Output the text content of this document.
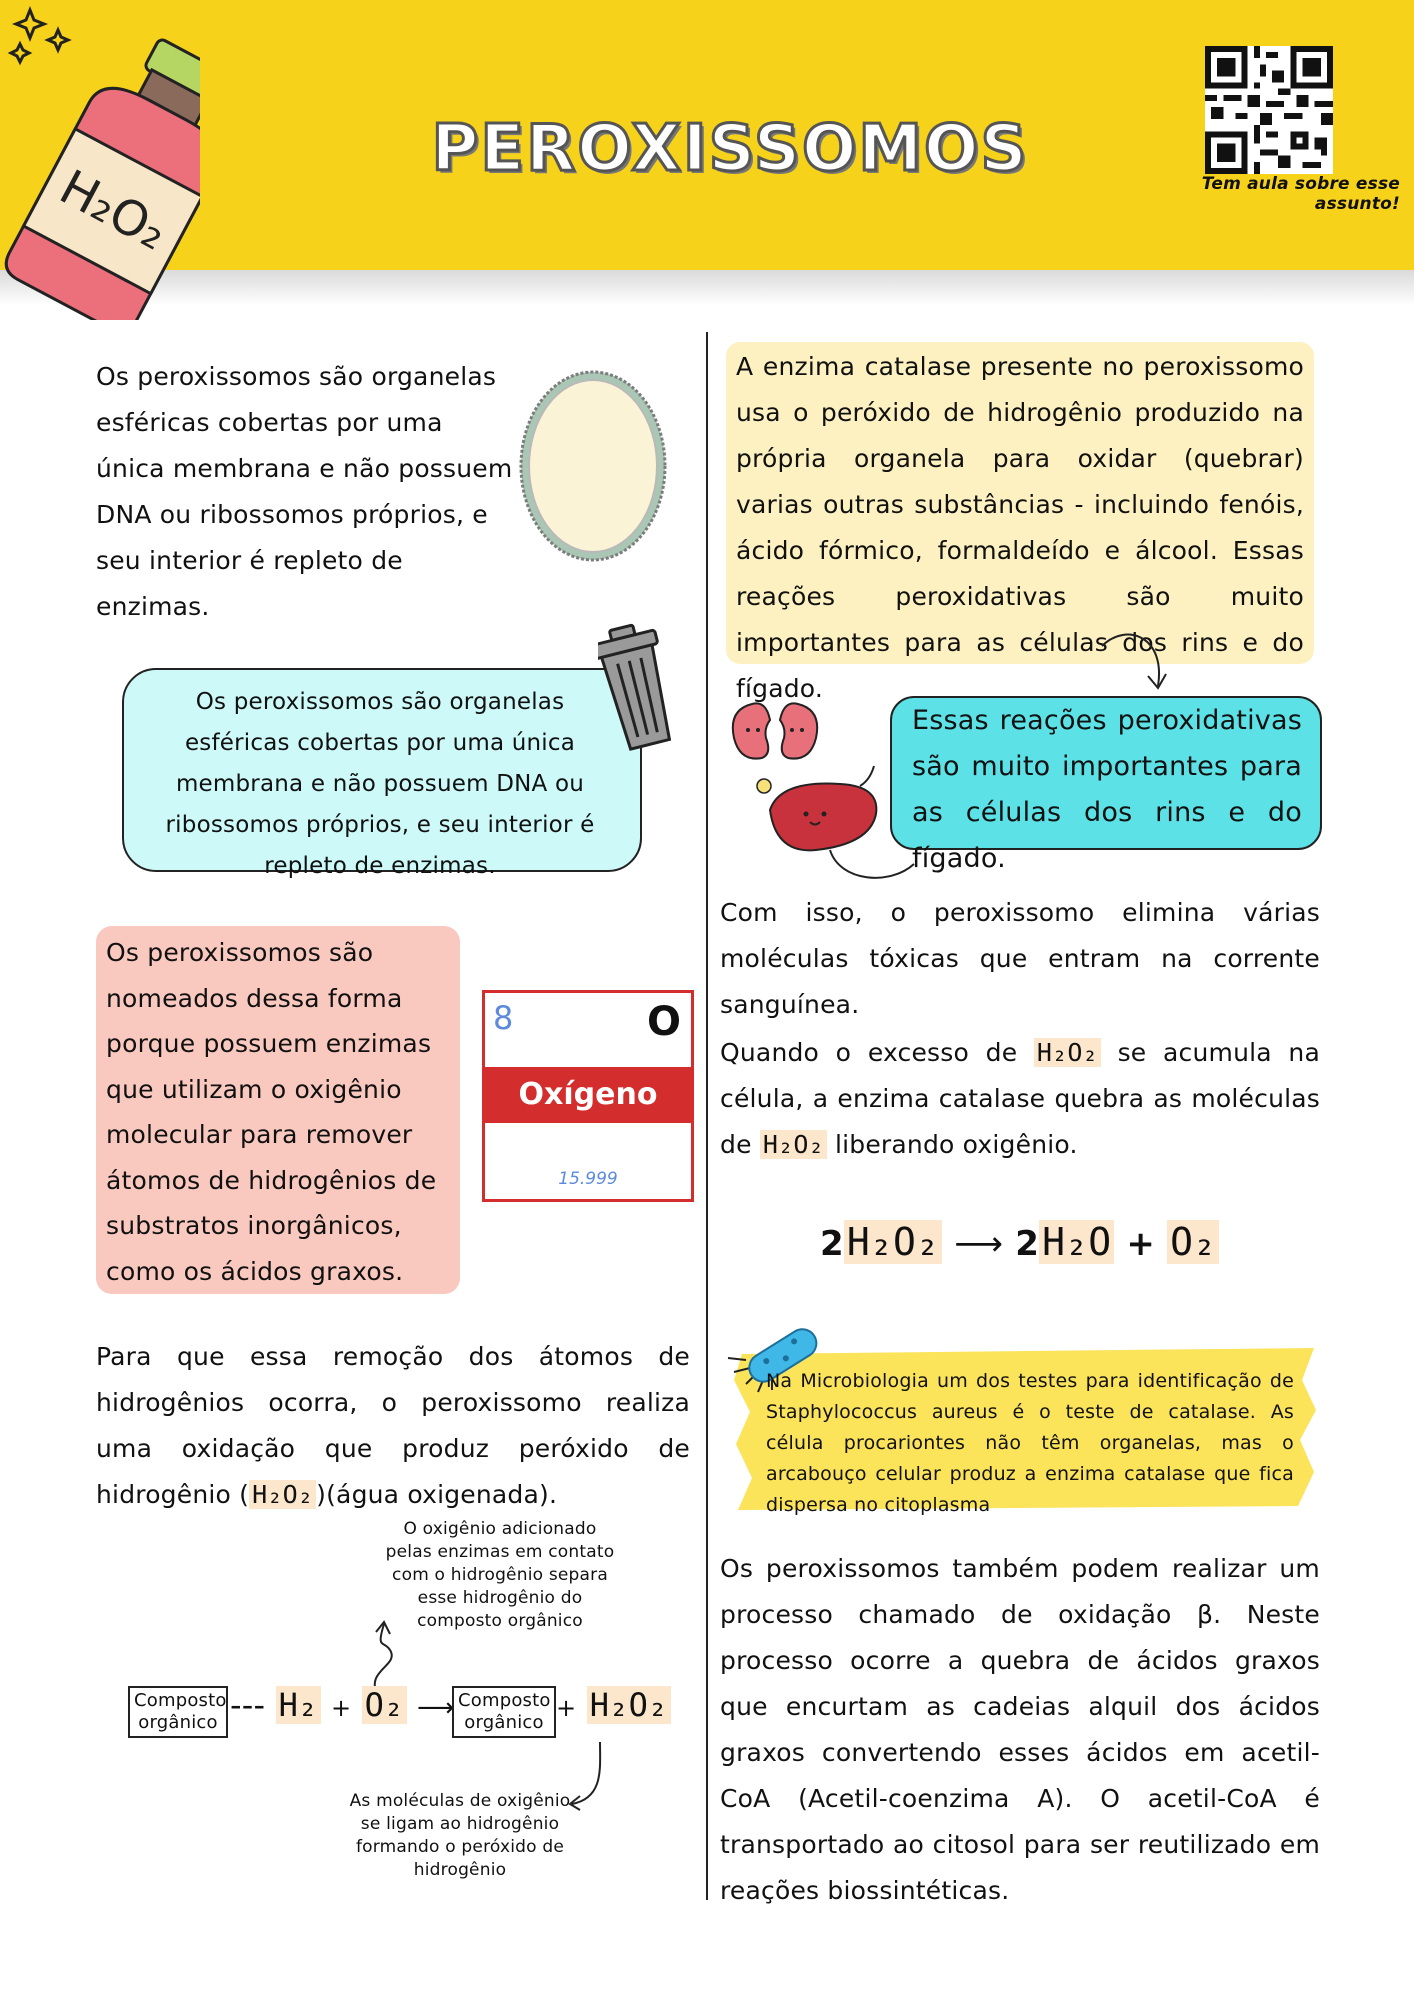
H₂O₂
PEROXISSOMOS	Tem aula sobre esse assunto!
Os peroxissomos são organelas esféricas cobertas por uma única membrana e não possuem DNA ou ribossomos próprios, e seu interior é repleto de enzimas.
Os peroxissomos são organelas esféricas cobertas por uma única membrana e não possuem DNA ou ribossomos próprios, e seu interior é repleto de enzimas.
Os peroxissomos são nomeados dessa forma porque possuem enzimas que utilizam o oxigênio molecular para remover átomos de hidrogênios de substratos inorgânicos, como os ácidos graxos.
8	O
Oxígeno
15.999
Para que essa remoção dos átomos de hidrogênios ocorra, o peroxissomo realiza uma oxidação que produz peróxido de hidrogênio ( H₂O₂ )(água oxigenada).
O oxigênio adicionado pelas enzimas em contato com o hidrogênio separa esse hidrogênio do composto orgânico
Composto orgânico --- H₂ + O₂ ⟶ Composto orgânico
+ H₂O₂
As moléculas de oxigênio se ligam ao hidrogênio formando o peróxido de hidrogênio
A enzima catalase presente no peroxissomo usa o peróxido de hidrogênio produzido na própria organela para oxidar (quebrar) varias outras substâncias - incluindo fenóis, ácido fórmico, formaldeído e álcool. Essas reações peroxidativas são muito importantes para as células dos rins e do fígado.
Essas reações peroxidativas são muito importantes para as células dos rins e do fígado.
Com isso, o peroxissomo elimina várias moléculas tóxicas que entram na corrente sanguínea.
Quando o excesso de H₂O₂ se acumula na célula, a enzima catalase quebra as moléculas de H₂O₂ liberando oxigênio.
2H₂O₂ ⟶ 2H₂O + O₂
Na Microbiologia um dos testes para identificação de Staphylococcus aureus é o teste de catalase. As célula procariontes não têm organelas, mas o arcabouço celular produz a enzima catalase que fica dispersa no citoplasma
Os peroxissomos também podem realizar um processo chamado de oxidação β. Neste processo ocorre a quebra de ácidos graxos que encurtam as cadeias alquil dos ácidos graxos convertendo esses ácidos em acetil-CoA (Acetil-coenzima A). O acetil-CoA é transportado ao citosol para ser reutilizado em reações biossintéticas.
